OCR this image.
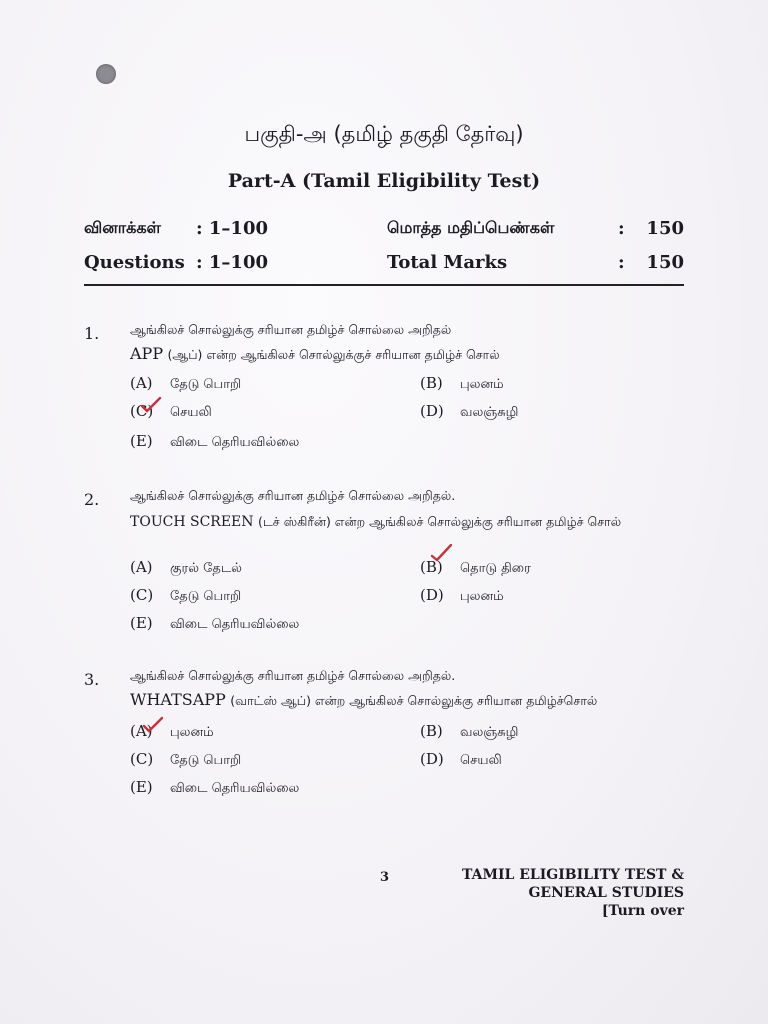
பகுதி-அ (தமிழ் தகுதி தேர்வு)
Part-A (Tamil Eligibility Test)
வினாக்கள் : 1–100	மொத்த மதிப்பெண்கள்	: 150
Questions : 1–100	Total Marks	: 150
1. ஆங்கிலச் சொல்லுக்கு சரியான தமிழ்ச் சொல்லை அறிதல்
APP (ஆப்) என்ற ஆங்கிலச் சொல்லுக்குச் சரியான தமிழ்ச் சொல்
(A) தேடு பொறி	(B) புலனம்
(C) செயலி	(D) வலஞ்சுழி
(E) விடை தெரியவில்லை
2. ஆங்கிலச் சொல்லுக்கு சரியான தமிழ்ச் சொல்லை அறிதல்.
TOUCH SCREEN (டச் ஸ்கிரீன்) என்ற ஆங்கிலச் சொல்லுக்கு சரியான தமிழ்ச் சொல்
(A) குரல் தேடல்	(B) தொடு திரை
(C) தேடு பொறி	(D) புலனம்
(E) விடை தெரியவில்லை
3. ஆங்கிலச் சொல்லுக்கு சரியான தமிழ்ச் சொல்லை அறிதல்.
WHATSAPP (வாட்ஸ் ஆப்) என்ற ஆங்கிலச் சொல்லுக்கு சரியான தமிழ்ச்சொல்
(A) புலனம்	(B) வலஞ்சுழி
(C) தேடு பொறி	(D) செயலி
(E) விடை தெரியவில்லை
3	TAMIL ELIGIBILITY TEST &
GENERAL STUDIES
[Turn over
